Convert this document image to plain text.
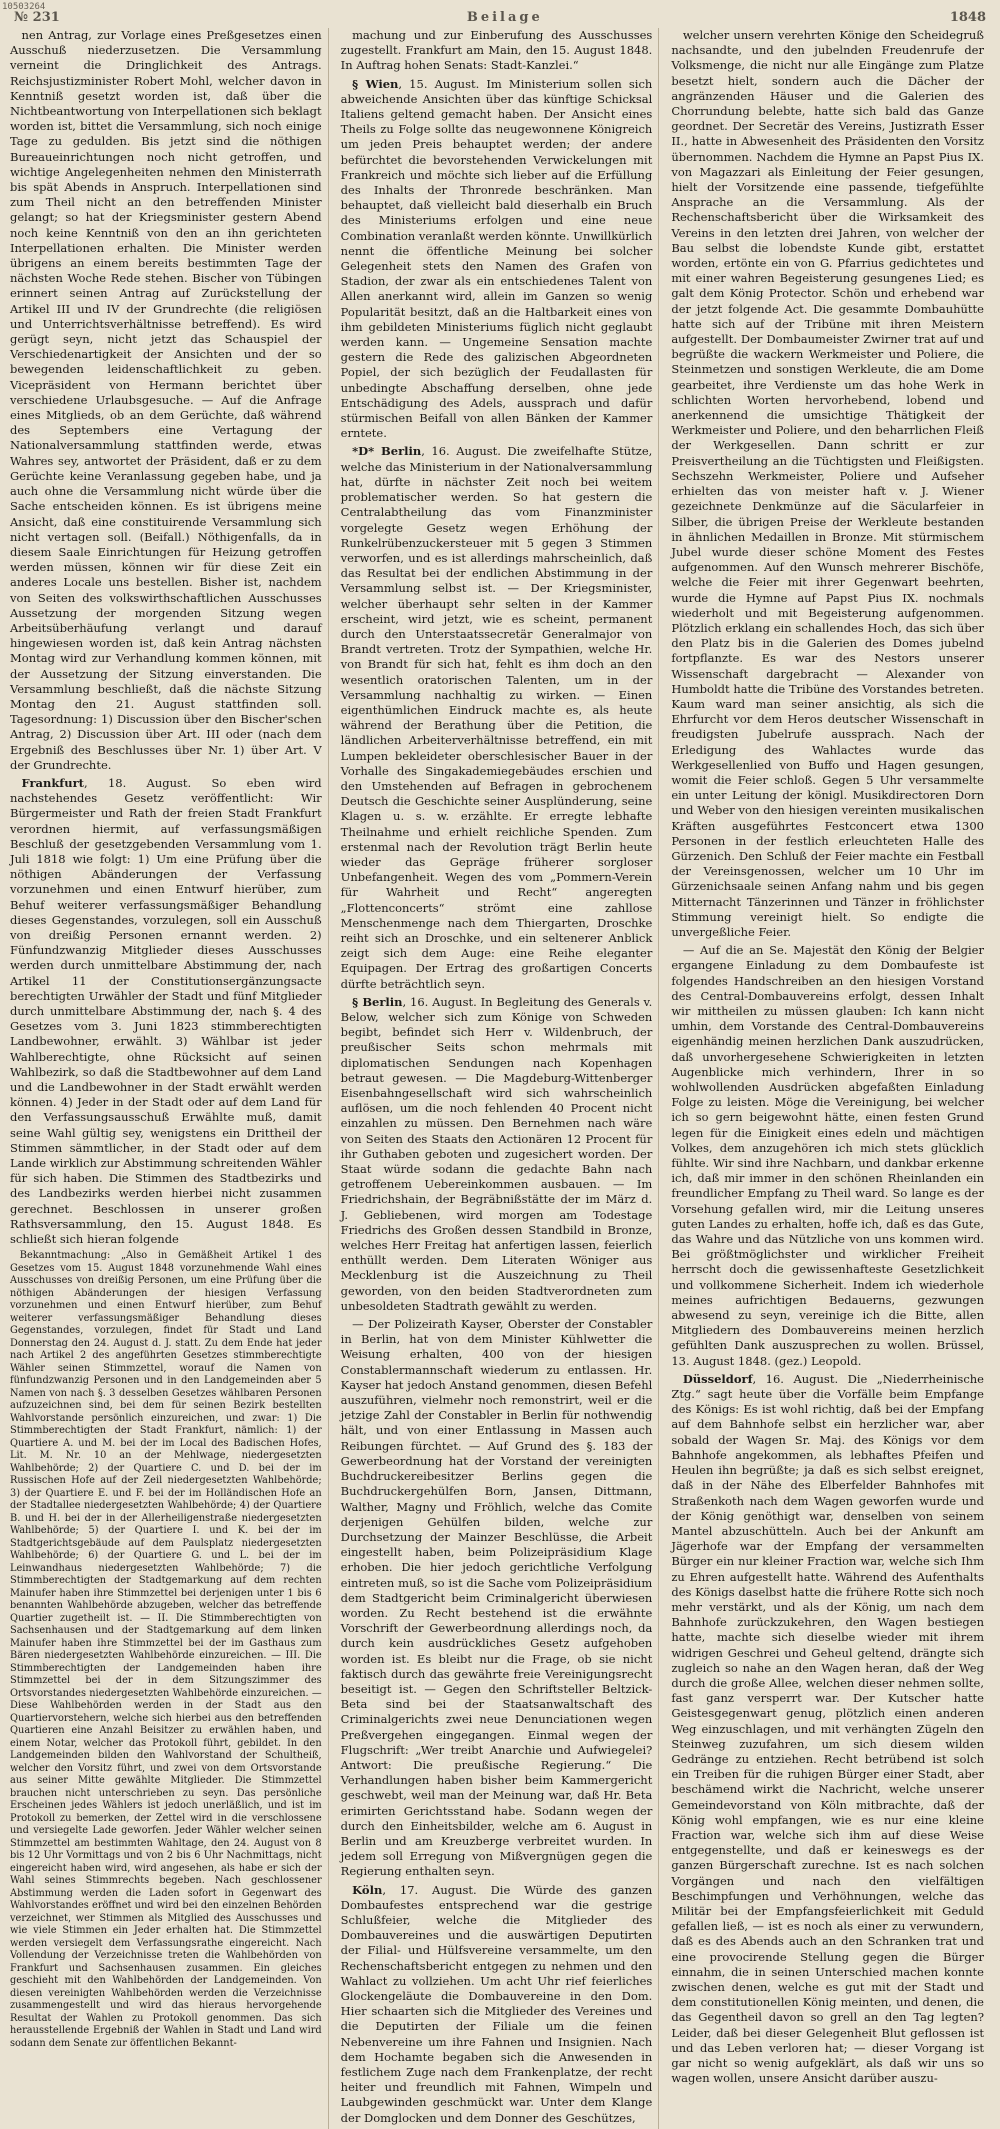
10503264
№ 231	Beilage	1848

nen Antrag, zur Vorlage eines Preßgesetzes einen Ausschuß niederzusetzen. Die Versammlung verneint die Dringlichkeit des Antrags. Reichsjustizminister Robert Mohl, welcher davon in Kenntniß gesetzt worden ist, daß über die Nichtbeantwortung von Interpellationen sich beklagt worden ist, bittet die Versammlung, sich noch einige Tage zu gedulden. Bis jetzt sind die nöthigen Bureaueinrichtungen noch nicht getroffen, und wichtige Angelegenheiten nehmen den Ministerrath bis spät Abends in Anspruch. Interpellationen sind zum Theil nicht an den betreffenden Minister gelangt; so hat der Kriegsminister gestern Abend noch keine Kenntniß von den an ihn gerichteten Interpellationen erhalten. Die Minister werden übrigens an einem bereits bestimmten Tage der nächsten Woche Rede stehen. Bischer von Tübingen erinnert seinen Antrag auf Zurückstellung der Artikel III und IV der Grundrechte (die religiösen und Unterrichtsverhältnisse betreffend). Es wird gerügt seyn, nicht jetzt das Schauspiel der Verschiedenartigkeit der Ansichten und der so bewegenden leidenschaftlichkeit zu geben. Vicepräsident von Hermann berichtet über verschiedene Urlaubsgesuche. — Auf die Anfrage eines Mitglieds, ob an dem Gerüchte, daß während des Septembers eine Vertagung der Nationalversammlung stattfinden werde, etwas Wahres sey, antwortet der Präsident, daß er zu dem Gerüchte keine Veranlassung gegeben habe, und ja auch ohne die Versammlung nicht würde über die Sache entscheiden können. Es ist übrigens meine Ansicht, daß eine constituirende Versammlung sich nicht vertagen soll. (Beifall.) Nöthigenfalls, da in diesem Saale Einrichtungen für Heizung getroffen werden müssen, können wir für diese Zeit ein anderes Locale uns bestellen. Bisher ist, nachdem von Seiten des volkswirthschaftlichen Ausschusses Aussetzung der morgenden Sitzung wegen Arbeitsüberhäufung verlangt und darauf hingewiesen worden ist, daß kein Antrag nächsten Montag wird zur Verhandlung kommen können, mit der Aussetzung der Sitzung einverstanden. Die Versammlung beschließt, daß die nächste Sitzung Montag den 21. August stattfinden soll. Tagesordnung: 1) Discussion über den Bischer'schen Antrag, 2) Discussion über Art. III oder (nach dem Ergebniß des Beschlusses über Nr. 1) über Art. V der Grundrechte.

Frankfurt, 18. August. So eben wird nachstehendes Gesetz veröffentlicht: Wir Bürgermeister und Rath der freien Stadt Frankfurt verordnen hiermit, auf verfassungsmäßigen Beschluß der gesetzgebenden Versammlung vom 1. Juli 1818 wie folgt: 1) Um eine Prüfung über die nöthigen Abänderungen der Verfassung vorzunehmen und einen Entwurf hierüber, zum Behuf weiterer verfassungsmäßiger Behandlung dieses Gegenstandes, vorzulegen, soll ein Ausschuß von dreißig Personen ernannt werden. 2) Fünfundzwanzig Mitglieder dieses Ausschusses werden durch unmittelbare Abstimmung der, nach Artikel 11 der Constitutionsergänzungsacte berechtigten Urwähler der Stadt und fünf Mitglieder durch unmittelbare Abstimmung der, nach §. 4 des Gesetzes vom 3. Juni 1823 stimmberechtigten Landbewohner, erwählt. 3) Wählbar ist jeder Wahlberechtigte, ohne Rücksicht auf seinen Wahlbezirk, so daß die Stadtbewohner auf dem Land und die Landbewohner in der Stadt erwählt werden können. 4) Jeder in der Stadt oder auf dem Land für den Verfassungsausschuß Erwählte muß, damit seine Wahl gültig sey, wenigstens ein Drittheil der Stimmen sämmtlicher, in der Stadt oder auf dem Lande wirklich zur Abstimmung schreitenden Wähler für sich haben. Die Stimmen des Stadtbezirks und des Landbezirks werden hierbei nicht zusammen gerechnet. Beschlossen in unserer großen Rathsversammlung, den 15. August 1848. Es schließt sich hieran folgende

Bekanntmachung: „Also in Gemäßheit Artikel 1 des Gesetzes vom 15. August 1848 vorzunehmende Wahl eines Ausschusses von dreißig Personen, um eine Prüfung über die nöthigen Abänderungen der hiesigen Verfassung vorzunehmen und einen Entwurf hierüber, zum Behuf weiterer verfassungsmäßiger Behandlung dieses Gegenstandes, vorzulegen, findet für Stadt und Land Donnerstag den 24. August d. J. statt. Zu dem Ende hat jeder nach Artikel 2 des angeführten Gesetzes stimmberechtigte Wähler seinen Stimmzettel, worauf die Namen von fünfundzwanzig Personen und in den Landgemeinden aber 5 Namen von nach §. 3 desselben Gesetzes wählbaren Personen aufzuzeichnen sind, bei dem für seinen Bezirk bestellten Wahlvorstande persönlich einzureichen, und zwar: 1) Die Stimmberechtigten der Stadt Frankfurt, nämlich: 1) der Quartiere A. und M. bei der im Local des Badischen Hofes, Lit. M. Nr. 10 an der Mehlwage, niedergesetzten Wahlbehörde; 2) der Quartiere C. und D. bei der im Russischen Hofe auf der Zeil niedergesetzten Wahlbehörde; 3) der Quartiere E. und F. bei der im Holländischen Hofe an der Stadtallee niedergesetzten Wahlbehörde; 4) der Quartiere B. und H. bei der in der Allerheiligenstraße niedergesetzten Wahlbehörde; 5) der Quartiere I. und K. bei der im Stadtgerichtsgebäude auf dem Paulsplatz niedergesetzten Wahlbehörde; 6) der Quartiere G. und L. bei der im Leinwandhaus niedergesetzten Wahlbehörde; 7) die Stimmberechtigten der Stadtgemarkung auf dem rechten Mainufer haben ihre Stimmzettel bei derjenigen unter 1 bis 6 benannten Wahlbehörde abzugeben, welcher das betreffende Quartier zugetheilt ist. — II. Die Stimmberechtigten von Sachsenhausen und der Stadtgemarkung auf dem linken Mainufer haben ihre Stimmzettel bei der im Gasthaus zum Bären niedergesetzten Wahlbehörde einzureichen. — III. Die Stimmberechtigten der Landgemeinden haben ihre Stimmzettel bei der in dem Sitzungszimmer des Ortsvorstandes niedergesetzten Wahlbehörde einzureichen. — Diese Wahlbehörden werden in der Stadt aus den Quartiervorstehern, welche sich hierbei aus den betreffenden Quartieren eine Anzahl Beisitzer zu erwählen haben, und einem Notar, welcher das Protokoll führt, gebildet. In den Landgemeinden bilden den Wahlvorstand der Schultheiß, welcher den Vorsitz führt, und zwei von dem Ortsvorstande aus seiner Mitte gewählte Mitglieder. Die Stimmzettel brauchen nicht unterschrieben zu seyn. Das persönliche Erscheinen jedes Wählers ist jedoch unerläßlich, und ist im Protokoll zu bemerken, der Zettel wird in die verschlossene und versiegelte Lade geworfen. Jeder Wähler welcher seinen Stimmzettel am bestimmten Wahltage, den 24. August von 8 bis 12 Uhr Vormittags und von 2 bis 6 Uhr Nachmittags, nicht eingereicht haben wird, wird angesehen, als habe er sich der Wahl seines Stimmrechts begeben. Nach geschlossener Abstimmung werden die Laden sofort in Gegenwart des Wahlvorstandes eröffnet und wird bei den einzelnen Behörden verzeichnet, wer Stimmen als Mitglied des Ausschusses und wie viele Stimmen ein Jeder erhalten hat. Die Stimmzettel werden versiegelt dem Verfassungsrathe eingereicht. Nach Vollendung der Verzeichnisse treten die Wahlbehörden von Frankfurt und Sachsenhausen zusammen. Ein gleiches geschieht mit den Wahlbehörden der Landgemeinden. Von diesen vereinigten Wahlbehörden werden die Verzeichnisse zusammengestellt und wird das hieraus hervorgehende Resultat der Wahlen zu Protokoll genommen. Das sich herausstellende Ergebniß der Wahlen in Stadt und Land wird sodann dem Senate zur öffentlichen Bekannt-

machung und zur Einberufung des Ausschusses zugestellt. Frankfurt am Main, den 15. August 1848. In Auftrag hohen Senats: Stadt-Kanzlei.“

§ Wien, 15. August. Im Ministerium sollen sich abweichende Ansichten über das künftige Schicksal Italiens geltend gemacht haben. Der Ansicht eines Theils zu Folge sollte das neugewonnene Königreich um jeden Preis behauptet werden; der andere befürchtet die bevorstehenden Verwickelungen mit Frankreich und möchte sich lieber auf die Erfüllung des Inhalts der Thronrede beschränken. Man behauptet, daß vielleicht bald dieserhalb ein Bruch des Ministeriums erfolgen und eine neue Combination veranlaßt werden könnte. Unwillkürlich nennt die öffentliche Meinung bei solcher Gelegenheit stets den Namen des Grafen von Stadion, der zwar als ein entschiedenes Talent von Allen anerkannt wird, allein im Ganzen so wenig Popularität besitzt, daß an die Haltbarkeit eines von ihm gebildeten Ministeriums füglich nicht geglaubt werden kann. — Ungemeine Sensation machte gestern die Rede des galizischen Abgeordneten Popiel, der sich bezüglich der Feudallasten für unbedingte Abschaffung derselben, ohne jede Entschädigung des Adels, aussprach und dafür stürmischen Beifall von allen Bänken der Kammer erntete.

*D* Berlin, 16. August. Die zweifelhafte Stütze, welche das Ministerium in der Nationalversammlung hat, dürfte in nächster Zeit noch bei weitem problematischer werden. So hat gestern die Centralabtheilung das vom Finanzminister vorgelegte Gesetz wegen Erhöhung der Runkelrübenzuckersteuer mit 5 gegen 3 Stimmen verworfen, und es ist allerdings mahrscheinlich, daß das Resultat bei der endlichen Abstimmung in der Versammlung selbst ist. — Der Kriegsminister, welcher überhaupt sehr selten in der Kammer erscheint, wird jetzt, wie es scheint, permanent durch den Unterstaatssecretär Generalmajor von Brandt vertreten. Trotz der Sympathien, welche Hr. von Brandt für sich hat, fehlt es ihm doch an den wesentlich oratorischen Talenten, um in der Versammlung nachhaltig zu wirken. — Einen eigenthümlichen Eindruck machte es, als heute während der Berathung über die Petition, die ländlichen Arbeiterverhältnisse betreffend, ein mit Lumpen bekleideter oberschlesischer Bauer in der Vorhalle des Singakademiegebäudes erschien und den Umstehenden auf Befragen in gebrochenem Deutsch die Geschichte seiner Ausplünderung, seine Klagen u. s. w. erzählte. Er erregte lebhafte Theilnahme und erhielt reichliche Spenden. Zum erstenmal nach der Revolution trägt Berlin heute wieder das Gepräge früherer sorgloser Unbefangenheit. Wegen des vom „Pommern-Verein für Wahrheit und Recht“ angeregten „Flottenconcerts“ strömt eine zahllose Menschenmenge nach dem Thiergarten, Droschke reiht sich an Droschke, und ein seltenerer Anblick zeigt sich dem Auge: eine Reihe eleganter Equipagen. Der Ertrag des großartigen Concerts dürfte beträchtlich seyn.

§ Berlin, 16. August. In Begleitung des Generals v. Below, welcher sich zum Könige von Schweden begibt, befindet sich Herr v. Wildenbruch, der preußischer Seits schon mehrmals mit diplomatischen Sendungen nach Kopenhagen betraut gewesen. — Die Magdeburg-Wittenberger Eisenbahngesellschaft wird sich wahrscheinlich auflösen, um die noch fehlenden 40 Procent nicht einzahlen zu müssen. Den Bernehmen nach wäre von Seiten des Staats den Actionären 12 Procent für ihr Guthaben geboten und zugesichert worden. Der Staat würde sodann die gedachte Bahn nach getroffenem Uebereinkommen ausbauen. — Im Friedrichshain, der Begräbnißstätte der im März d. J. Gebliebenen, wird morgen am Todestage Friedrichs des Großen dessen Standbild in Bronze, welches Herr Freitag hat anfertigen lassen, feierlich enthüllt werden. Dem Literaten Wöniger aus Mecklenburg ist die Auszeichnung zu Theil geworden, von den beiden Stadtverordneten zum unbesoldeten Stadtrath gewählt zu werden.

— Der Polizeirath Kayser, Oberster der Constabler in Berlin, hat von dem Minister Kühlwetter die Weisung erhalten, 400 von der hiesigen Constablermannschaft wiederum zu entlassen. Hr. Kayser hat jedoch Anstand genommen, diesen Befehl auszuführen, vielmehr noch remonstrirt, weil er die jetzige Zahl der Constabler in Berlin für nothwendig hält, und von einer Entlassung in Massen auch Reibungen fürchtet. — Auf Grund des §. 183 der Gewerbeordnung hat der Vorstand der vereinigten Buchdruckereibesitzer Berlins gegen die Buchdruckergehülfen Born, Jansen, Dittmann, Walther, Magny und Fröhlich, welche das Comite derjenigen Gehülfen bilden, welche zur Durchsetzung der Mainzer Beschlüsse, die Arbeit eingestellt haben, beim Polizeipräsidium Klage erhoben. Die hier jedoch gerichtliche Verfolgung eintreten muß, so ist die Sache vom Polizeipräsidium dem Stadtgericht beim Criminalgericht überwiesen worden. Zu Recht bestehend ist die erwähnte Vorschrift der Gewerbeordnung allerdings noch, da durch kein ausdrückliches Gesetz aufgehoben worden ist. Es bleibt nur die Frage, ob sie nicht faktisch durch das gewährte freie Vereinigungsrecht beseitigt ist. — Gegen den Schriftsteller Beltzick-Beta sind bei der Staatsanwaltschaft des Criminalgerichts zwei neue Denunciationen wegen Preßvergehen eingegangen. Einmal wegen der Flugschrift: „Wer treibt Anarchie und Aufwiegelei? Antwort: Die preußische Regierung.“ Die Verhandlungen haben bisher beim Kammergericht geschwebt, weil man der Meinung war, daß Hr. Beta erimirten Gerichtsstand habe. Sodann wegen der durch den Einheitsbilder, welche am 6. August in Berlin und am Kreuzberge verbreitet wurden. In jedem soll Erregung von Mißvergnügen gegen die Regierung enthalten seyn.

Köln, 17. August. Die Würde des ganzen Dombaufestes entsprechend war die gestrige Schlußfeier, welche die Mitglieder des Dombauvereines und die auswärtigen Deputirten der Filial- und Hülfsvereine versammelte, um den Rechenschaftsbericht entgegen zu nehmen und den Wahlact zu vollziehen. Um acht Uhr rief feierliches Glockengeläute die Dombauvereine in den Dom. Hier schaarten sich die Mitglieder des Vereines und die Deputirten der Filiale um die feinen Nebenvereine um ihre Fahnen und Insignien. Nach dem Hochamte begaben sich die Anwesenden in festlichem Zuge nach dem Frankenplatze, der recht heiter und freundlich mit Fahnen, Wimpeln und Laubgewinden geschmückt war. Unter dem Klange der Domglocken und dem Donner des Geschützes,

welcher unsern verehrten Könige den Scheidegruß nachsandte, und den jubelnden Freudenrufe der Volksmenge, die nicht nur alle Eingänge zum Platze besetzt hielt, sondern auch die Dächer der angränzenden Häuser und die Galerien des Chorrundung belebte, hatte sich bald das Ganze geordnet. Der Secretär des Vereins, Justizrath Esser II., hatte in Abwesenheit des Präsidenten den Vorsitz übernommen. Nachdem die Hymne an Papst Pius IX. von Magazzari als Einleitung der Feier gesungen, hielt der Vorsitzende eine passende, tiefgefühlte Ansprache an die Versammlung. Als der Rechenschaftsbericht über die Wirksamkeit des Vereins in den letzten drei Jahren, von welcher der Bau selbst die lobendste Kunde gibt, erstattet worden, ertönte ein von G. Pfarrius gedichtetes und mit einer wahren Begeisterung gesungenes Lied; es galt dem König Protector. Schön und erhebend war der jetzt folgende Act. Die gesammte Dombauhütte hatte sich auf der Tribüne mit ihren Meistern aufgestellt. Der Dombaumeister Zwirner trat auf und begrüßte die wackern Werkmeister und Poliere, die Steinmetzen und sonstigen Werkleute, die am Dome gearbeitet, ihre Verdienste um das hohe Werk in schlichten Worten hervorhebend, lobend und anerkennend die umsichtige Thätigkeit der Werkmeister und Poliere, und den beharrlichen Fleiß der Werkgesellen. Dann schritt er zur Preisvertheilung an die Tüchtigsten und Fleißigsten. Sechszehn Werkmeister, Poliere und Aufseher erhielten das von meister haft v. J. Wiener gezeichnete Denkmünze auf die Säcularfeier in Silber, die übrigen Preise der Werkleute bestanden in ähnlichen Medaillen in Bronze. Mit stürmischem Jubel wurde dieser schöne Moment des Festes aufgenommen. Auf den Wunsch mehrerer Bischöfe, welche die Feier mit ihrer Gegenwart beehrten, wurde die Hymne auf Papst Pius IX. nochmals wiederholt und mit Begeisterung aufgenommen. Plötzlich erklang ein schallendes Hoch, das sich über den Platz bis in die Galerien des Domes jubelnd fortpflanzte. Es war des Nestors unserer Wissenschaft dargebracht — Alexander von Humboldt hatte die Tribüne des Vorstandes betreten. Kaum ward man seiner ansichtig, als sich die Ehrfurcht vor dem Heros deutscher Wissenschaft in freudigsten Jubelrufe aussprach. Nach der Erledigung des Wahlactes wurde das Werkgesellenlied von Buffo und Hagen gesungen, womit die Feier schloß. Gegen 5 Uhr versammelte ein unter Leitung der königl. Musikdirectoren Dorn und Weber von den hiesigen vereinten musikalischen Kräften ausgeführtes Festconcert etwa 1300 Personen in der festlich erleuchteten Halle des Gürzenich. Den Schluß der Feier machte ein Festball der Vereinsgenossen, welcher um 10 Uhr im Gürzenichsaale seinen Anfang nahm und bis gegen Mitternacht Tänzerinnen und Tänzer in fröhlichster Stimmung vereinigt hielt. So endigte die unvergeßliche Feier.

— Auf die an Se. Majestät den König der Belgier ergangene Einladung zu dem Dombaufeste ist folgendes Handschreiben an den hiesigen Vorstand des Central-Dombauvereins erfolgt, dessen Inhalt wir mittheilen zu müssen glauben: Ich kann nicht umhin, dem Vorstande des Central-Dombauvereins eigenhändig meinen herzlichen Dank auszudrücken, daß unvorhergesehene Schwierigkeiten in letzten Augenblicke mich verhindern, Ihrer in so wohlwollenden Ausdrücken abgefaßten Einladung Folge zu leisten. Möge die Vereinigung, bei welcher ich so gern beigewohnt hätte, einen festen Grund legen für die Einigkeit eines edeln und mächtigen Volkes, dem anzugehören ich mich stets glücklich fühlte. Wir sind ihre Nachbarn, und dankbar erkenne ich, daß mir immer in den schönen Rheinlanden ein freundlicher Empfang zu Theil ward. So lange es der Vorsehung gefallen wird, mir die Leitung unseres guten Landes zu erhalten, hoffe ich, daß es das Gute, das Wahre und das Nützliche von uns kommen wird. Bei größtmöglichster und wirklicher Freiheit herrscht doch die gewissenhafteste Gesetzlichkeit und vollkommene Sicherheit. Indem ich wiederhole meines aufrichtigen Bedauerns, gezwungen abwesend zu seyn, vereinige ich die Bitte, allen Mitgliedern des Dombauvereins meinen herzlich gefühlten Dank auszusprechen zu wollen. Brüssel, 13. August 1848. (gez.) Leopold.

Düsseldorf, 16. August. Die „Niederrheinische Ztg.“ sagt heute über die Vorfälle beim Empfange des Königs: Es ist wohl richtig, daß bei der Empfang auf dem Bahnhofe selbst ein herzlicher war, aber sobald der Wagen Sr. Maj. des Königs vor dem Bahnhofe angekommen, als lebhaftes Pfeifen und Heulen ihn begrüßte; ja daß es sich selbst ereignet, daß in der Nähe des Elberfelder Bahnhofes mit Straßenkoth nach dem Wagen geworfen wurde und der König genöthigt war, denselben von seinem Mantel abzuschütteln. Auch bei der Ankunft am Jägerhofe war der Empfang der versammelten Bürger ein nur kleiner Fraction war, welche sich Ihm zu Ehren aufgestellt hatte. Während des Aufenthalts des Königs daselbst hatte die frühere Rotte sich noch mehr verstärkt, und als der König, um nach dem Bahnhofe zurückzukehren, den Wagen bestiegen hatte, machte sich dieselbe wieder mit ihrem widrigen Geschrei und Geheul geltend, drängte sich zugleich so nahe an den Wagen heran, daß der Weg durch die große Allee, welchen dieser nehmen sollte, fast ganz versperrt war. Der Kutscher hatte Geistesgegenwart genug, plötzlich einen anderen Weg einzuschlagen, und mit verhängten Zügeln den Steinweg zuzufahren, um sich diesem wilden Gedränge zu entziehen. Recht betrübend ist solch ein Treiben für die ruhigen Bürger einer Stadt, aber beschämend wirkt die Nachricht, welche unserer Gemeindevorstand von Köln mitbrachte, daß der König wohl empfangen, wie es nur eine kleine Fraction war, welche sich ihm auf diese Weise entgegenstellte, und daß er keineswegs es der ganzen Bürgerschaft zurechne. Ist es nach solchen Vorgängen und nach den vielfältigen Beschimpfungen und Verhöhnungen, welche das Militär bei der Empfangsfeierlichkeit mit Geduld gefallen ließ, — ist es noch als einer zu verwundern, daß es des Abends auch an den Schranken trat und eine provocirende Stellung gegen die Bürger einnahm, die in seinen Unterschied machen konnte zwischen denen, welche es gut mit der Stadt und dem constitutionellen König meinten, und denen, die das Gegentheil davon so grell an den Tag legten? Leider, daß bei dieser Gelegenheit Blut geflossen ist und das Leben verloren hat; — dieser Vorgang ist gar nicht so wenig aufgeklärt, als daß wir uns so wagen wollen, unsere Ansicht darüber auszu-
